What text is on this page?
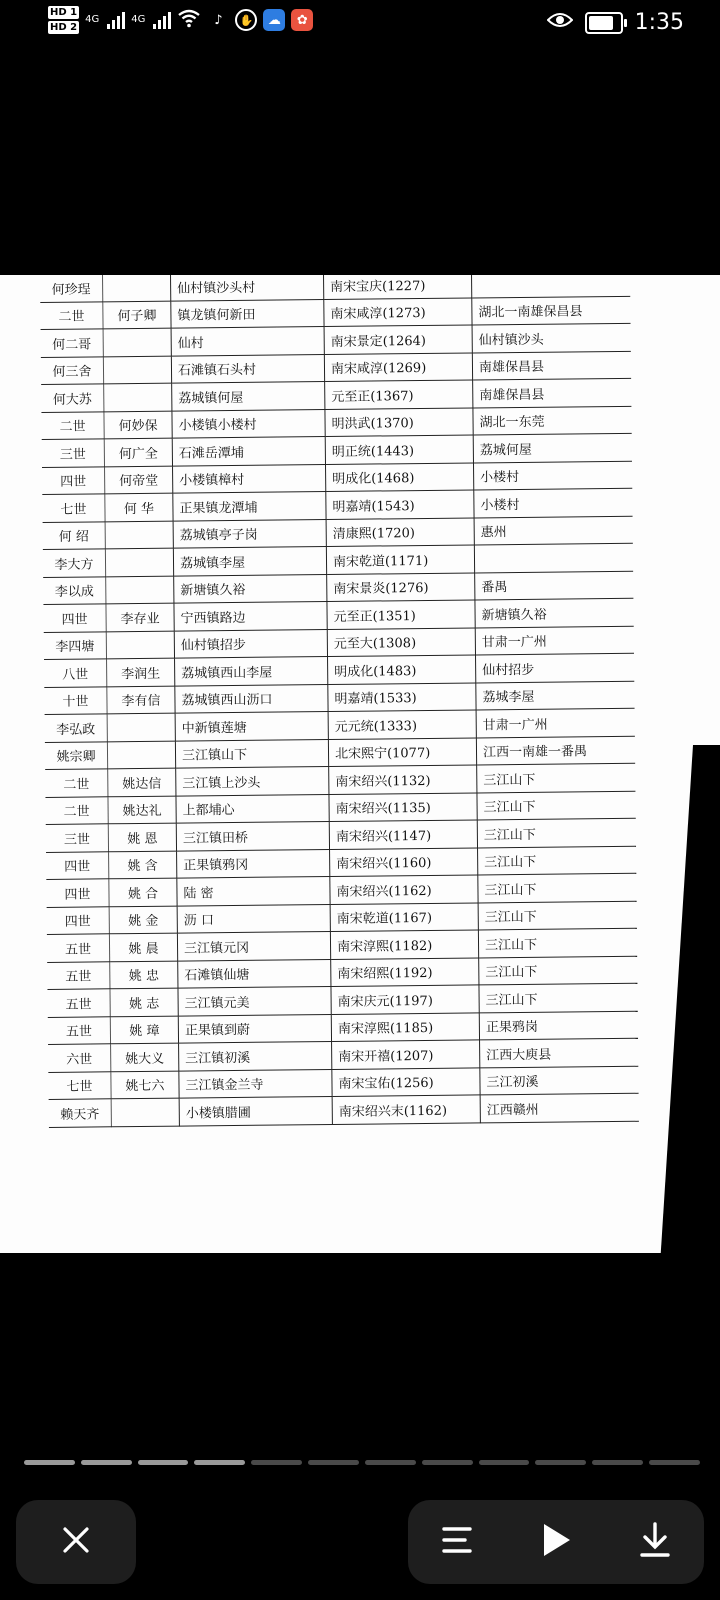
HD 1
HD 2
4G	4G	♪	✋	☁	✿	1:35
何珍珵		仙村镇沙头村	南宋宝庆(1227)	
二世	何子卿	镇龙镇何新田	南宋咸淳(1273)	湖北一南雄保昌县
何二哥		仙村	南宋景定(1264)	仙村镇沙头
何三舍		石滩镇石头村	南宋咸淳(1269)	南雄保昌县
何大苏		荔城镇何屋	元至正(1367)	南雄保昌县
二世	何妙保	小楼镇小楼村	明洪武(1370)	湖北一东莞
三世	何广全	石滩岳潭埔	明正统(1443)	荔城何屋
四世	何帝堂	小楼镇樟村	明成化(1468)	小楼村
七世	何 华	正果镇龙潭埔	明嘉靖(1543)	小楼村
何 绍		荔城镇亭子岗	清康熙(1720)	惠州
李大方		荔城镇李屋	南宋乾道(1171)	
李以成		新塘镇久裕	南宋景炎(1276)	番禺
四世	李存业	宁西镇路边	元至正(1351)	新塘镇久裕
李四塘		仙村镇招步	元至大(1308)	甘肃一广州
八世	李润生	荔城镇西山李屋	明成化(1483)	仙村招步
十世	李有信	荔城镇西山沥口	明嘉靖(1533)	荔城李屋
李弘政		中新镇莲塘	元元统(1333)	甘肃一广州
姚宗卿		三江镇山下	北宋熙宁(1077)	江西一南雄一番禺
二世	姚达信	三江镇上沙头	南宋绍兴(1132)	三江山下
二世	姚达礼	上都埔心	南宋绍兴(1135)	三江山下
三世	姚 恩	三江镇田桥	南宋绍兴(1147)	三江山下
四世	姚 含	正果镇鸦冈	南宋绍兴(1160)	三江山下
四世	姚 合	陆 密	南宋绍兴(1162)	三江山下
四世	姚 金	沥 口	南宋乾道(1167)	三江山下
五世	姚 晨	三江镇元冈	南宋淳熙(1182)	三江山下
五世	姚 忠	石滩镇仙塘	南宋绍熙(1192)	三江山下
五世	姚 志	三江镇元美	南宋庆元(1197)	三江山下
五世	姚 璋	正果镇到蔚	南宋淳熙(1185)	正果鸦岗
六世	姚大义	三江镇初溪	南宋开禧(1207)	江西大庾县
七世	姚七六	三江镇金兰寺	南宋宝佑(1256)	三江初溪
赖天齐		小楼镇腊圃	南宋绍兴末(1162)	江西赣州
